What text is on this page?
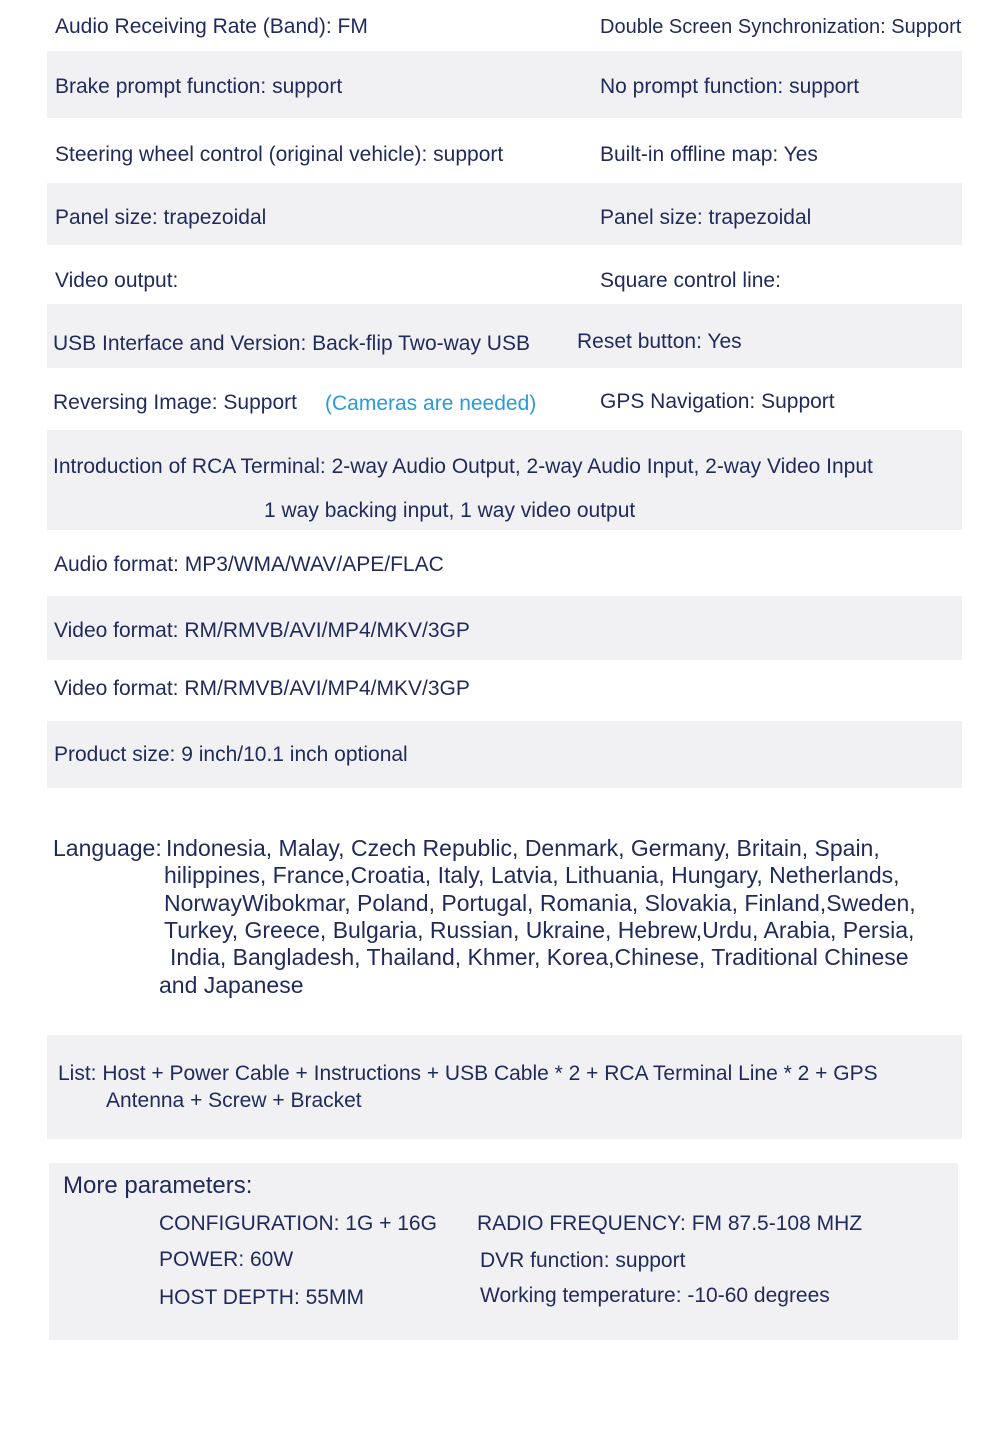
Audio Receiving Rate (Band): FM	Double Screen Synchronization: Support
Brake prompt function: support	No prompt function: support
Steering wheel control (original vehicle): support	Built-in offline map: Yes
Panel size: trapezoidal	Panel size: trapezoidal
Video output:	Square control line:
USB Interface and Version: Back-flip Two-way USB Reset button: Yes
Reversing Image: Support (Cameras are needed)	GPS Navigation: Support
Introduction of RCA Terminal: 2-way Audio Output, 2-way Audio Input, 2-way Video Input
1 way backing input, 1 way video output
Audio format: MP3/WMA/WAV/APE/FLAC
Video format: RM/RMVB/AVI/MP4/MKV/3GP
Video format: RM/RMVB/AVI/MP4/MKV/3GP
Product size: 9 inch/10.1 inch optional
Language: Indonesia, Malay, Czech Republic, Denmark, Germany, Britain, Spain,
hilippines, France,Croatia, Italy, Latvia, Lithuania, Hungary, Netherlands,
NorwayWibokmar, Poland, Portugal, Romania, Slovakia, Finland,Sweden,
Turkey, Greece, Bulgaria, Russian, Ukraine, Hebrew,Urdu, Arabia, Persia,
India, Bangladesh, Thailand, Khmer, Korea,Chinese, Traditional Chinese
and Japanese
List: Host + Power Cable + Instructions + USB Cable * 2 + RCA Terminal Line * 2 + GPS
Antenna + Screw + Bracket
More parameters:
CONFIGURATION: 1G + 16G RADIO FREQUENCY: FM 87.5-108 MHZ
POWER: 60W	DVR function: support
HOST DEPTH: 55MM	Working temperature: -10-60 degrees
